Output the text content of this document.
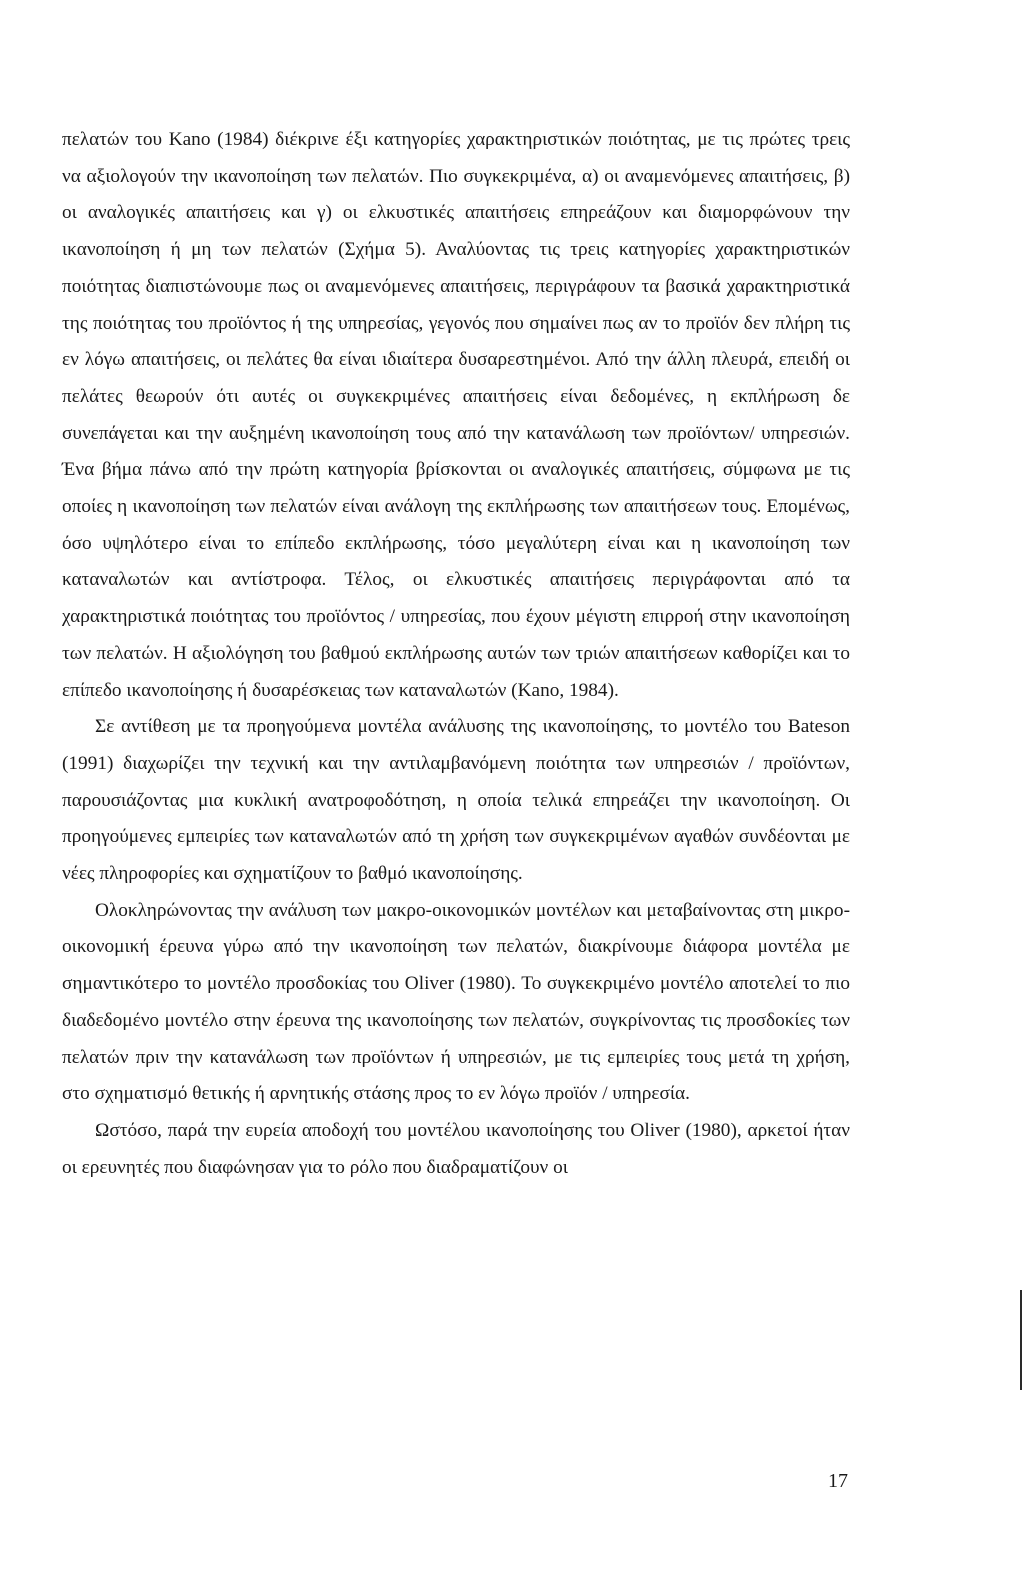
πελατών του Kano (1984) διέκρινε έξι κατηγορίες χαρακτηριστικών ποιότητας, με τις πρώτες τρεις να αξιολογούν την ικανοποίηση των πελατών. Πιο συγκεκριμένα, α) οι αναμενόμενες απαιτήσεις, β) οι αναλογικές απαιτήσεις και γ) οι ελκυστικές απαιτήσεις επηρεάζουν και διαμορφώνουν την ικανοποίηση ή μη των πελατών (Σχήμα 5). Αναλύοντας τις τρεις κατηγορίες χαρακτηριστικών ποιότητας διαπιστώνουμε πως οι αναμενόμενες απαιτήσεις, περιγράφουν τα βασικά χαρακτηριστικά της ποιότητας του προϊόντος ή της υπηρεσίας, γεγονός που σημαίνει πως αν το προϊόν δεν πλήρη τις εν λόγω απαιτήσεις, οι πελάτες θα είναι ιδιαίτερα δυσαρεστημένοι. Από την άλλη πλευρά, επειδή οι πελάτες θεωρούν ότι αυτές οι συγκεκριμένες απαιτήσεις είναι δεδομένες, η εκπλήρωση δε συνεπάγεται και την αυξημένη ικανοποίηση τους από την κατανάλωση των προϊόντων/ υπηρεσιών. Ένα βήμα πάνω από την πρώτη κατηγορία βρίσκονται οι αναλογικές απαιτήσεις, σύμφωνα με τις οποίες η ικανοποίηση των πελατών είναι ανάλογη της εκπλήρωσης των απαιτήσεων τους. Επομένως, όσο υψηλότερο είναι το επίπεδο εκπλήρωσης, τόσο μεγαλύτερη είναι και η ικανοποίηση των καταναλωτών και αντίστροφα. Τέλος, οι ελκυστικές απαιτήσεις περιγράφονται από τα χαρακτηριστικά ποιότητας του προϊόντος / υπηρεσίας, που έχουν μέγιστη επιρροή στην ικανοποίηση των πελατών. Η αξιολόγηση του βαθμού εκπλήρωσης αυτών των τριών απαιτήσεων καθορίζει και το επίπεδο ικανοποίησης ή δυσαρέσκειας των καταναλωτών (Kano, 1984).

Σε αντίθεση με τα προηγούμενα μοντέλα ανάλυσης της ικανοποίησης, το μοντέλο του Bateson (1991) διαχωρίζει την τεχνική και την αντιλαμβανόμενη ποιότητα των υπηρεσιών / προϊόντων, παρουσιάζοντας μια κυκλική ανατροφοδότηση, η οποία τελικά επηρεάζει την ικανοποίηση. Οι προηγούμενες εμπειρίες των καταναλωτών από τη χρήση των συγκεκριμένων αγαθών συνδέονται με νέες πληροφορίες και σχηματίζουν το βαθμό ικανοποίησης.

Ολοκληρώνοντας την ανάλυση των μακρο-οικονομικών μοντέλων και μεταβαίνοντας στη μικρο-οικονομική έρευνα γύρω από την ικανοποίηση των πελατών, διακρίνουμε διάφορα μοντέλα με σημαντικότερο το μοντέλο προσδοκίας του Oliver (1980). Το συγκεκριμένο μοντέλο αποτελεί το πιο διαδεδομένο μοντέλο στην έρευνα της ικανοποίησης των πελατών, συγκρίνοντας τις προσδοκίες των πελατών πριν την κατανάλωση των προϊόντων ή υπηρεσιών, με τις εμπειρίες τους μετά τη χρήση, στο σχηματισμό θετικής ή αρνητικής στάσης προς το εν λόγω προϊόν / υπηρεσία.

Ωστόσο, παρά την ευρεία αποδοχή του μοντέλου ικανοποίησης του Oliver (1980), αρκετοί ήταν οι ερευνητές που διαφώνησαν για το ρόλο που διαδραματίζουν οι

17
